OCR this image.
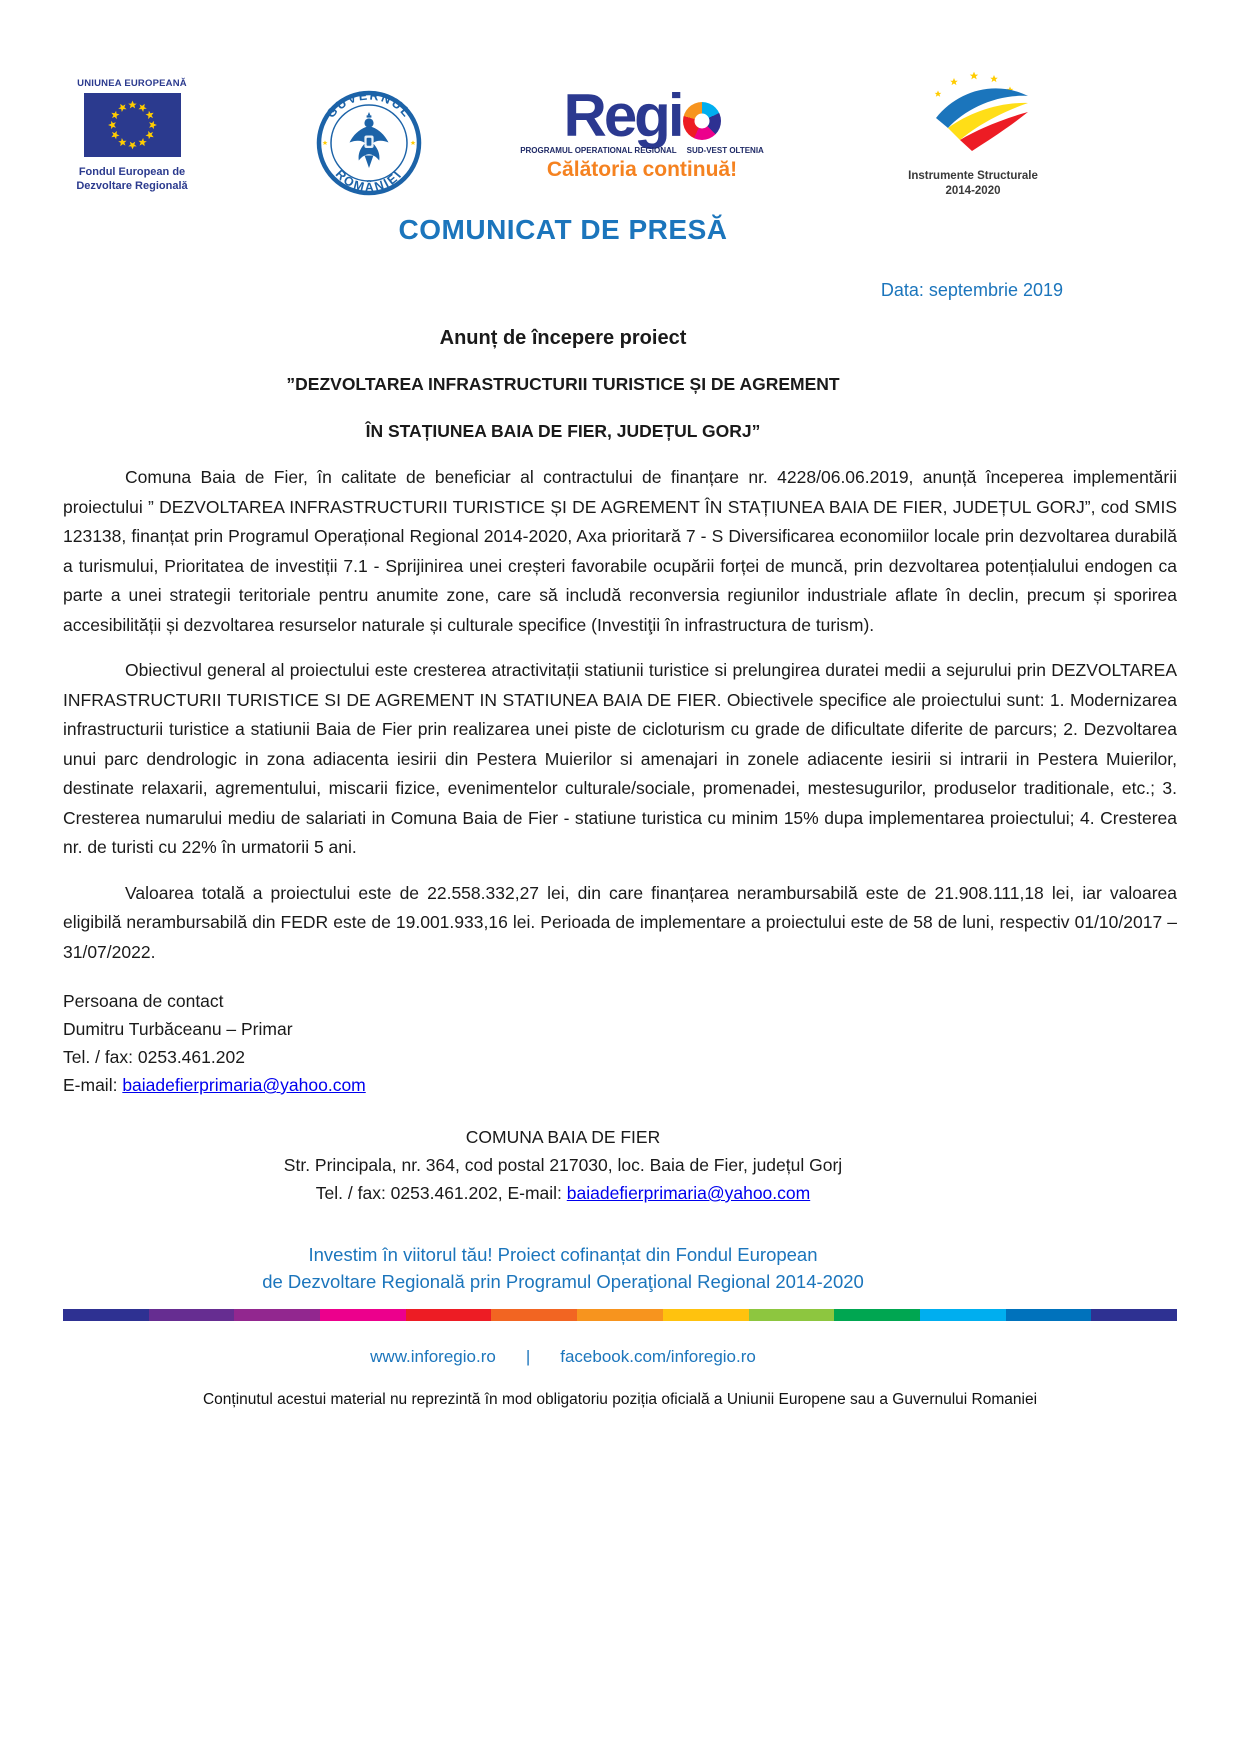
UNIUNEA EUROPEANĂ
Fondul European de
Dezvoltare Regională
GUVERNUL
ROMÂNIEI
Regi
PROGRAMUL OPERATIONAL REGIONAL SUD-VEST OLTENIA
Călătoria continuă!	Instrumente Structurale
2014-2020
COMUNICAT DE PRESĂ
Data: septembrie 2019
Anunț de începere proiect
”DEZVOLTAREA INFRASTRUCTURII TURISTICE ȘI DE AGREMENT
ÎN STAȚIUNEA BAIA DE FIER, JUDEȚUL GORJ”

Comuna Baia de Fier, în calitate de beneficiar al contractului de finanțare nr. 4228/06.06.2019, anunță începerea implementării proiectului ” DEZVOLTAREA INFRASTRUCTURII TURISTICE ȘI DE AGREMENT ÎN STAȚIUNEA BAIA DE FIER, JUDEȚUL GORJ”, cod SMIS 123138, finanțat prin Programul Operațional Regional 2014-2020, Axa prioritară 7 - S Diversificarea economiilor locale prin dezvoltarea durabilă a turismului, Prioritatea de investiții 7.1 - Sprijinirea unei creșteri favorabile ocupării forței de muncă, prin dezvoltarea potențialului endogen ca parte a unei strategii teritoriale pentru anumite zone, care să includă reconversia regiunilor industriale aflate în declin, precum și sporirea accesibilității și dezvoltarea resurselor naturale și culturale specifice (Investiţii în infrastructura de turism).

Obiectivul general al proiectului este cresterea atractivitații statiunii turistice si prelungirea duratei medii a sejurului prin DEZVOLTAREA INFRASTRUCTURII TURISTICE SI DE AGREMENT IN STATIUNEA BAIA DE FIER. Obiectivele specifice ale proiectului sunt: 1. Modernizarea infrastructurii turistice a statiunii Baia de Fier prin realizarea unei piste de cicloturism cu grade de dificultate diferite de parcurs; 2. Dezvoltarea unui parc dendrologic in zona adiacenta iesirii din Pestera Muierilor si amenajari in zonele adiacente iesirii si intrarii in Pestera Muierilor, destinate relaxarii, agrementului, miscarii fizice, evenimentelor culturale/sociale, promenadei, mestesugurilor, produselor traditionale, etc.; 3. Cresterea numarului mediu de salariati in Comuna Baia de Fier - statiune turistica cu minim 15% dupa implementarea proiectului; 4. Cresterea nr. de turisti cu 22% în urmatorii 5 ani.

Valoarea totală a proiectului este de 22.558.332,27 lei, din care finanțarea nerambursabilă este de 21.908.111,18 lei, iar valoarea eligibilă nerambursabilă din FEDR este de 19.001.933,16 lei. Perioada de implementare a proiectului este de 58 de luni, respectiv 01/10/2017 – 31/07/2022.

Persoana de contact
Dumitru Turbăceanu – Primar
Tel. / fax: 0253.461.202
E-mail: baiadefierprimaria@yahoo.com
COMUNA BAIA DE FIER
Str. Principala, nr. 364, cod postal 217030, loc. Baia de Fier, județul Gorj
Tel. / fax: 0253.461.202, E-mail: baiadefierprimaria@yahoo.com
Investim în viitorul tău! Proiect cofinanțat din Fondul European
de Dezvoltare Regională prin Programul Operaţional Regional 2014-2020
www.inforegio.ro | facebook.com/inforegio.ro
Conținutul acestui material nu reprezintă în mod obligatoriu poziția oficială a Uniunii Europene sau a Guvernului Romaniei
